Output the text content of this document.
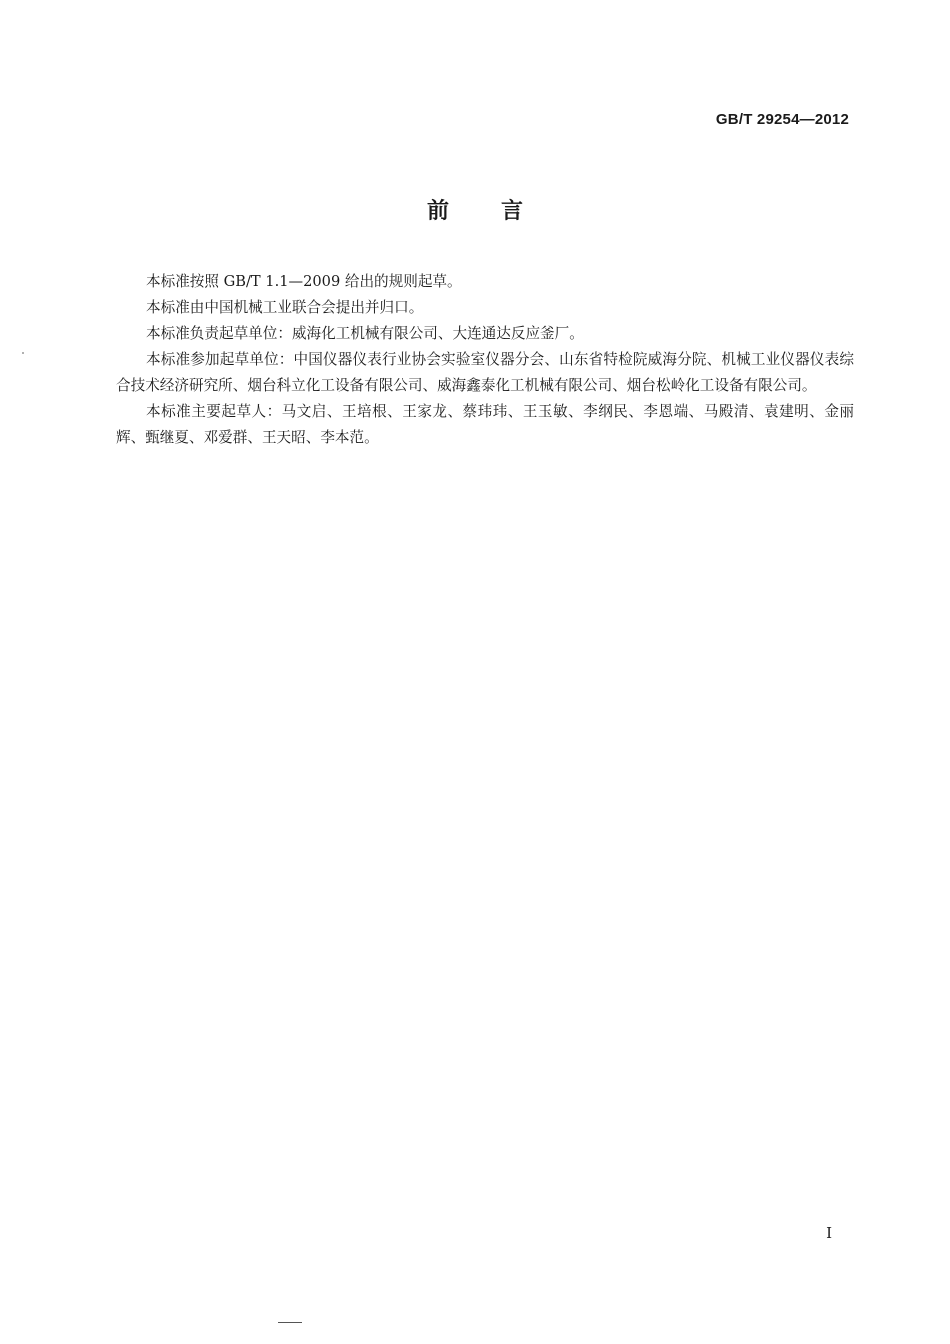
GB/T 29254—2012
前言

本标准按照 GB/T 1.1—2009 给出的规则起草。

本标准由中国机械工业联合会提出并归口。

本标准负责起草单位：威海化工机械有限公司、大连通达反应釜厂。

本标准参加起草单位：中国仪器仪表行业协会实验室仪器分会、山东省特检院威海分院、机械工业仪器仪表综合技术经济研究所、烟台科立化工设备有限公司、威海鑫泰化工机械有限公司、烟台松岭化工设备有限公司。

本标准主要起草人：马文启、王培根、王家龙、蔡玮玮、王玉敏、李纲民、李恩端、马殿清、袁建明、金丽辉、甄继夏、邓爱群、王天昭、李本范。

I
